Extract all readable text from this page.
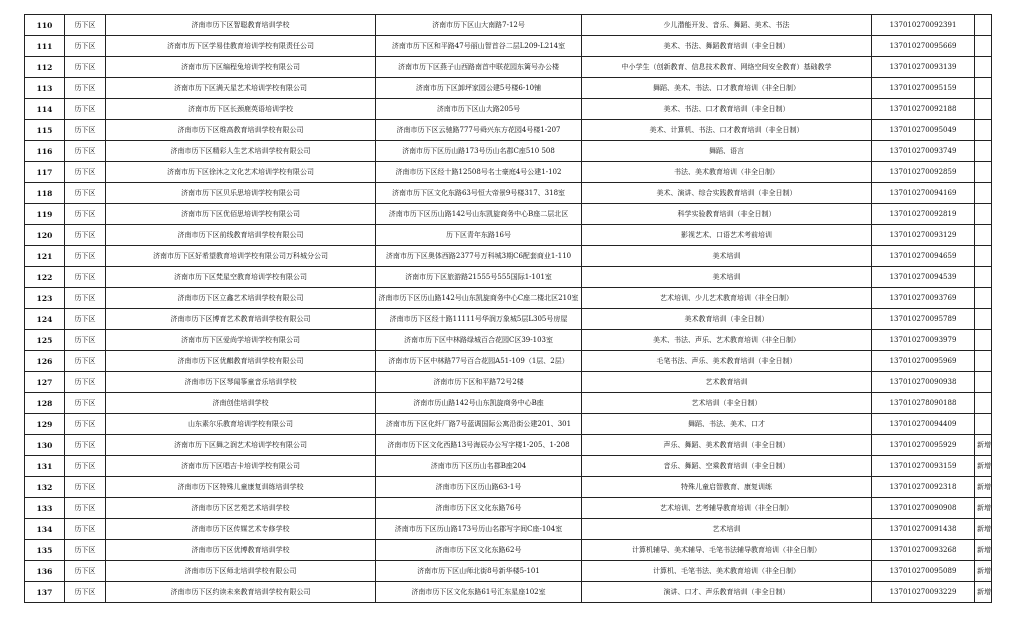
110	历下区	济南市历下区智聪教育培训学校	济南市历下区山大南路7-12号	少儿潜能开发、音乐、舞蹈、美术、书法	137010270092391	
111	历下区	济南市历下区学易佳教育培训学校有限责任公司	济南市历下区和平路47号丽山智首谷二层L209-L214室	美术、书法、舞蹈教育培训（非全日制）	137010270095669	
112	历下区	济南市历下区编程兔培训学校有限公司	济南市历下区燕子山西路南首中联花园东篱号办公楼	中小学生（创新教育、信息技术教育、网络空间安全教育）基础教学	137010270093139	
113	历下区	济南市历下区满天星艺术培训学校有限公司	济南市历下区卸坪家园公建5号楼6-10铺	舞蹈、美术、书法、口才教育培训（非全日制）	137010270095159	
114	历下区	济南市历下区长颈鹿英语培训学校	济南市历下区山大路205号	美术、书法、口才教育培训（非全日制）	137010270092188	
115	历下区	济南市历下区维高教育培训学校有限公司	济南市历下区云驰路777号舜兴东方花园4号楼1-207	美术、计算机、书法、口才教育培训（非全日制）	137010270095049	
116	历下区	济南市历下区精彩人生艺术培训学校有限公司	济南市历下区历山路173号历山名郡C座510 508	舞蹈、语言	137010270093749	
117	历下区	济南市历下区徐沐之文化艺术培训学校有限公司	济南市历下区经十路12508号名士豪庭4号公建1-102	书法、美术教育培训（非全日制）	137010270092859	
118	历下区	济南市历下区贝乐思培训学校有限公司	济南市历下区文化东路63号恒大帝景9号楼317、318室	美术、演讲、综合实践教育培训（非全日制）	137010270094169	
119	历下区	济南市历下区优佰思培训学校有限公司	济南市历下区历山路142号山东凯旋商务中心B座二层北区	科学实验教育培训（非全日制）	137010270092819	
120	历下区	济南市历下区前线教育培训学校有限公司	历下区青年东路16号	影视艺术、口语艺术考前培训	137010270093129	
121	历下区	济南市历下区好希望教育培训学校有限公司万科城分公司	济南市历下区奥体西路2377号万科城3期C6配套商业1-110	美术培训	137010270094659	
122	历下区	济南市历下区梵星空教育培训学校有限公司	济南市历下区旅游路21555号555国际1-101室	美术培训	137010270094539	
123	历下区	济南市历下区立鑫艺术培训学校有限公司	济南市历下区历山路142号山东凯旋商务中心C座二楼北区210室	艺术培训、少儿艺术教育培训（非全日制）	137010270093769	
124	历下区	济南市历下区博育艺术教育培训学校有限公司	济南市历下区经十路11111号华润万象城5层L305号房屋	美术教育培训（非全日制）	137010270095789	
125	历下区	济南市历下区爱尚学培训学校有限公司	济南市历下区中林路绿城百合花园C区39-103室	美术、书法、声乐、艺术教育培训（非全日制）	137010270093979	
126	历下区	济南市历下区优麒教育培训学校有限公司	济南市历下区中林路77号百合花园A51-109（1层、2层）	毛笔书法、声乐、美术教育培训（非全日制）	137010270095969	
127	历下区	济南市历下区琴闻筝童音乐培训学校	济南市历下区和平路72号2楼	艺术教育培训	137010270090938	
128	历下区	济南创佳培训学校	济南市历山路142号山东凯旋商务中心B座	艺术培训（非全日制）	137010278090188	
129	历下区	山东素尔乐教育培训学校有限公司	济南市历下区化纤厂路7号蓝调国际公寓沿街公建201、301	舞蹈、书法、美术、口才	137010270094409	
130	历下区	济南市历下区舞之润艺术培训学校有限公司	济南市历下区文化西路13号海辰办公写字楼1-205、1-208	声乐、舞蹈、美术教育培训（非全日制）	137010270095929	新增
131	历下区	济南市历下区唱吉卡培训学校有限公司	济南市历下区历山名郡B座204	音乐、舞蹈、空乘教育培训（非全日制）	137010270093159	新增
132	历下区	济南市历下区特殊儿童康复训练培训学校	济南市历下区历山路63-1号	特殊儿童启智教育、康复训练	137010270092318	新增
133	历下区	济南市历下区艺苑艺术培训学校	济南市历下区文化东路76号	艺术培训、艺考辅导教育培训（非全日制）	137010270090908	新增
134	历下区	济南市历下区传媒艺术专修学校	济南市历下区历山路173号历山名郡写字间C座-104室	艺术培训	137010270091438	新增
135	历下区	济南市历下区优博教育培训学校	济南市历下区文化东路62号	计算机辅导、美术辅导、毛笔书法辅导教育培训（非全日制）	137010270093268	新增
136	历下区	济南市历下区师北培训学校有限公司	济南市历下区山师北街8号新华楼5-101	计算机、毛笔书法、美术教育培训（非全日制）	137010270095089	新增
137	历下区	济南市历下区约读未来教育培训学校有限公司	济南市历下区文化东路61号汇东星座102室	演讲、口才、声乐教育培训（非全日制）	137010270093229	新增
